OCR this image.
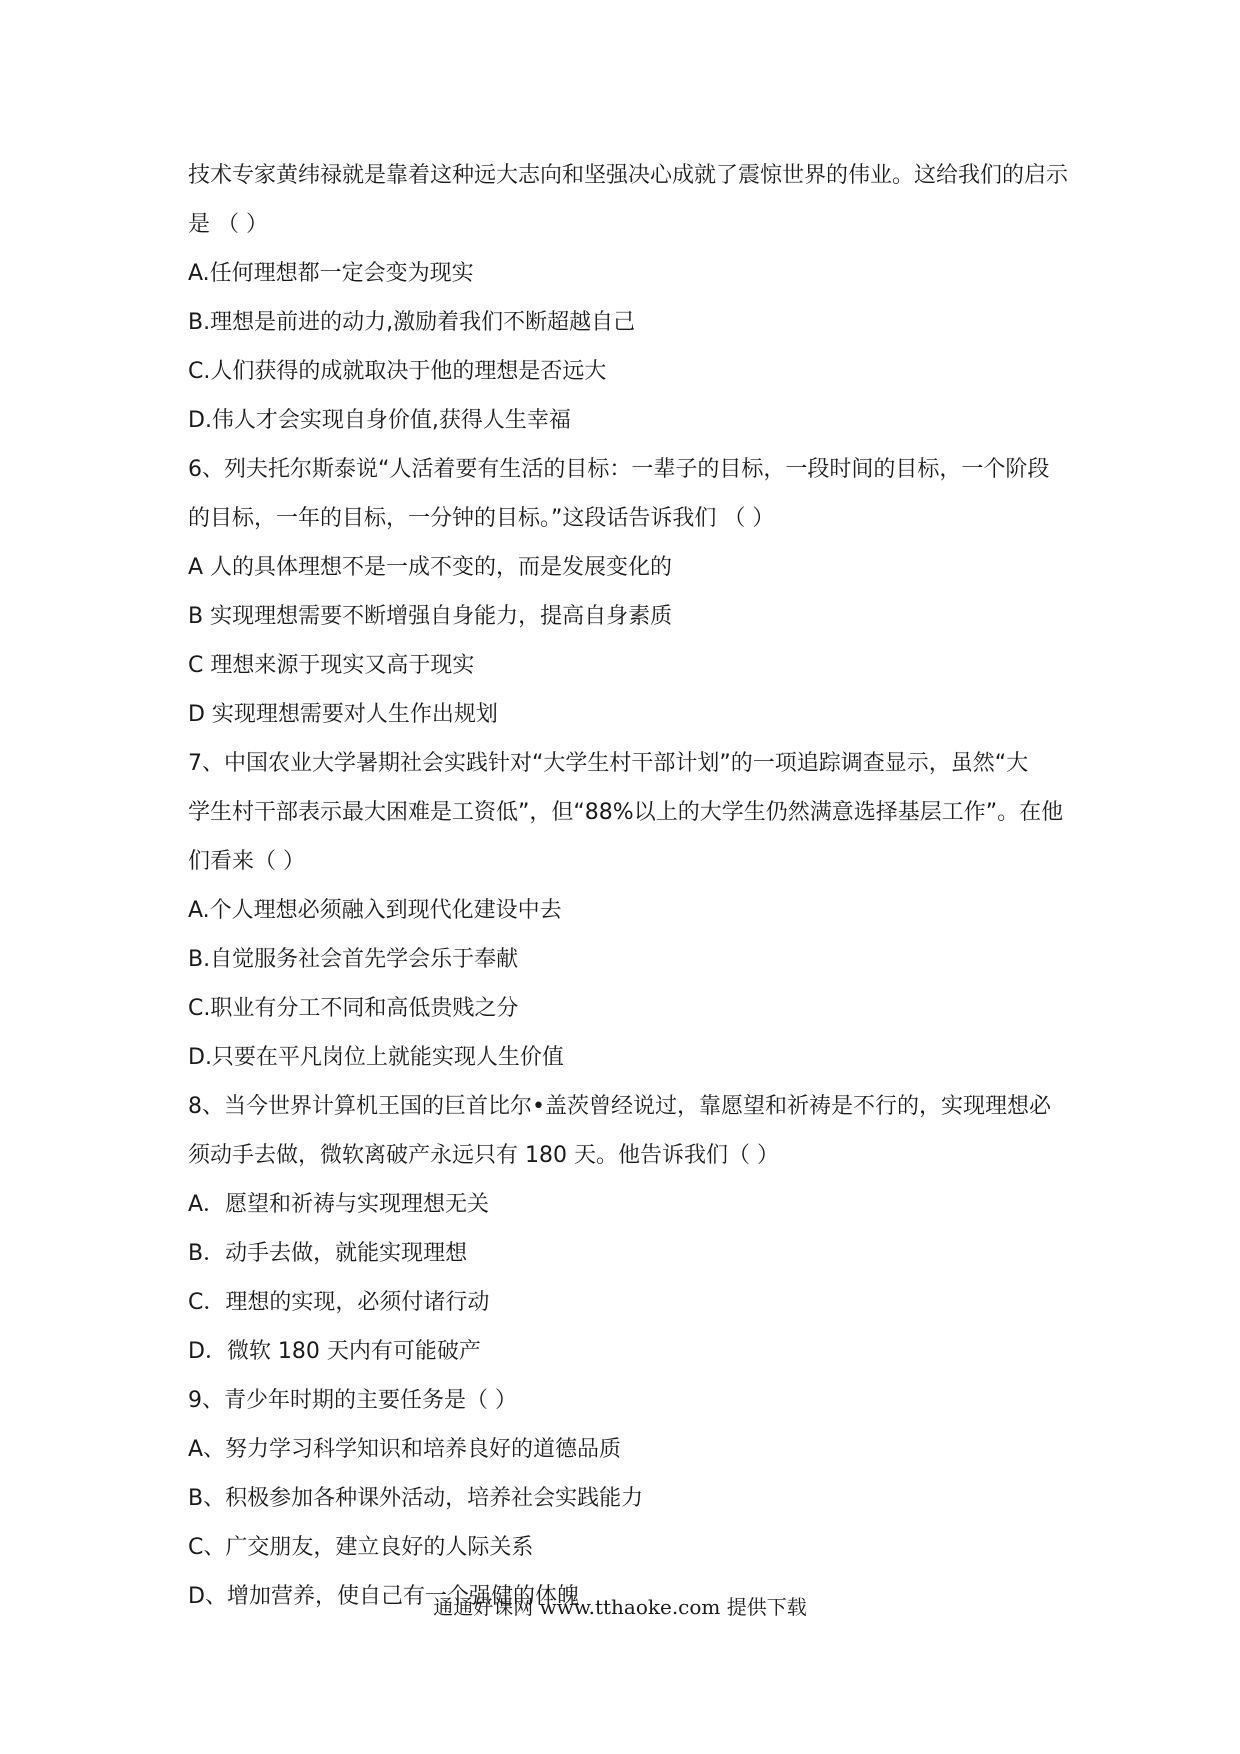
技术专家黄纬禄就是靠着这种远大志向和坚强决心成就了震惊世界的伟业。这给我们的启示
是 （ ）
A.任何理想都一定会变为现实
B.理想是前进的动力,激励着我们不断超越自己
C.人们获得的成就取决于他的理想是否远大
D.伟人才会实现自身价值,获得人生幸福
6、列夫托尔斯泰说“人活着要有生活的目标：一辈子的目标，一段时间的目标，一个阶段
的目标，一年的目标，一分钟的目标。”这段话告诉我们 （ ）
A 人的具体理想不是一成不变的，而是发展变化的
B 实现理想需要不断增强自身能力，提高自身素质
C 理想来源于现实又高于现实
D 实现理想需要对人生作出规划
7、中国农业大学暑期社会实践针对“大学生村干部计划”的一项追踪调查显示，虽然“大
学生村干部表示最大困难是工资低”，但“88%以上的大学生仍然满意选择基层工作”。在他
们看来（ ）
A.个人理想必须融入到现代化建设中去
B.自觉服务社会首先学会乐于奉献
C.职业有分工不同和高低贵贱之分
D.只要在平凡岗位上就能实现人生价值
8、当今世界计算机王国的巨首比尔•盖茨曾经说过，靠愿望和祈祷是不行的，实现理想必
须动手去做，微软离破产永远只有 180 天。他告诉我们（ ）
A．愿望和祈祷与实现理想无关
B．动手去做，就能实现理想
C．理想的实现，必须付诸行动
D．微软 180 天内有可能破产
9、青少年时期的主要任务是（ ）
A、努力学习科学知识和培养良好的道德品质
B、积极参加各种课外活动，培养社会实践能力
C、广交朋友，建立良好的人际关系
D、增加营养，使自己有一个强健的体魄
通通好课网 www.tthaoke.com 提供下载
